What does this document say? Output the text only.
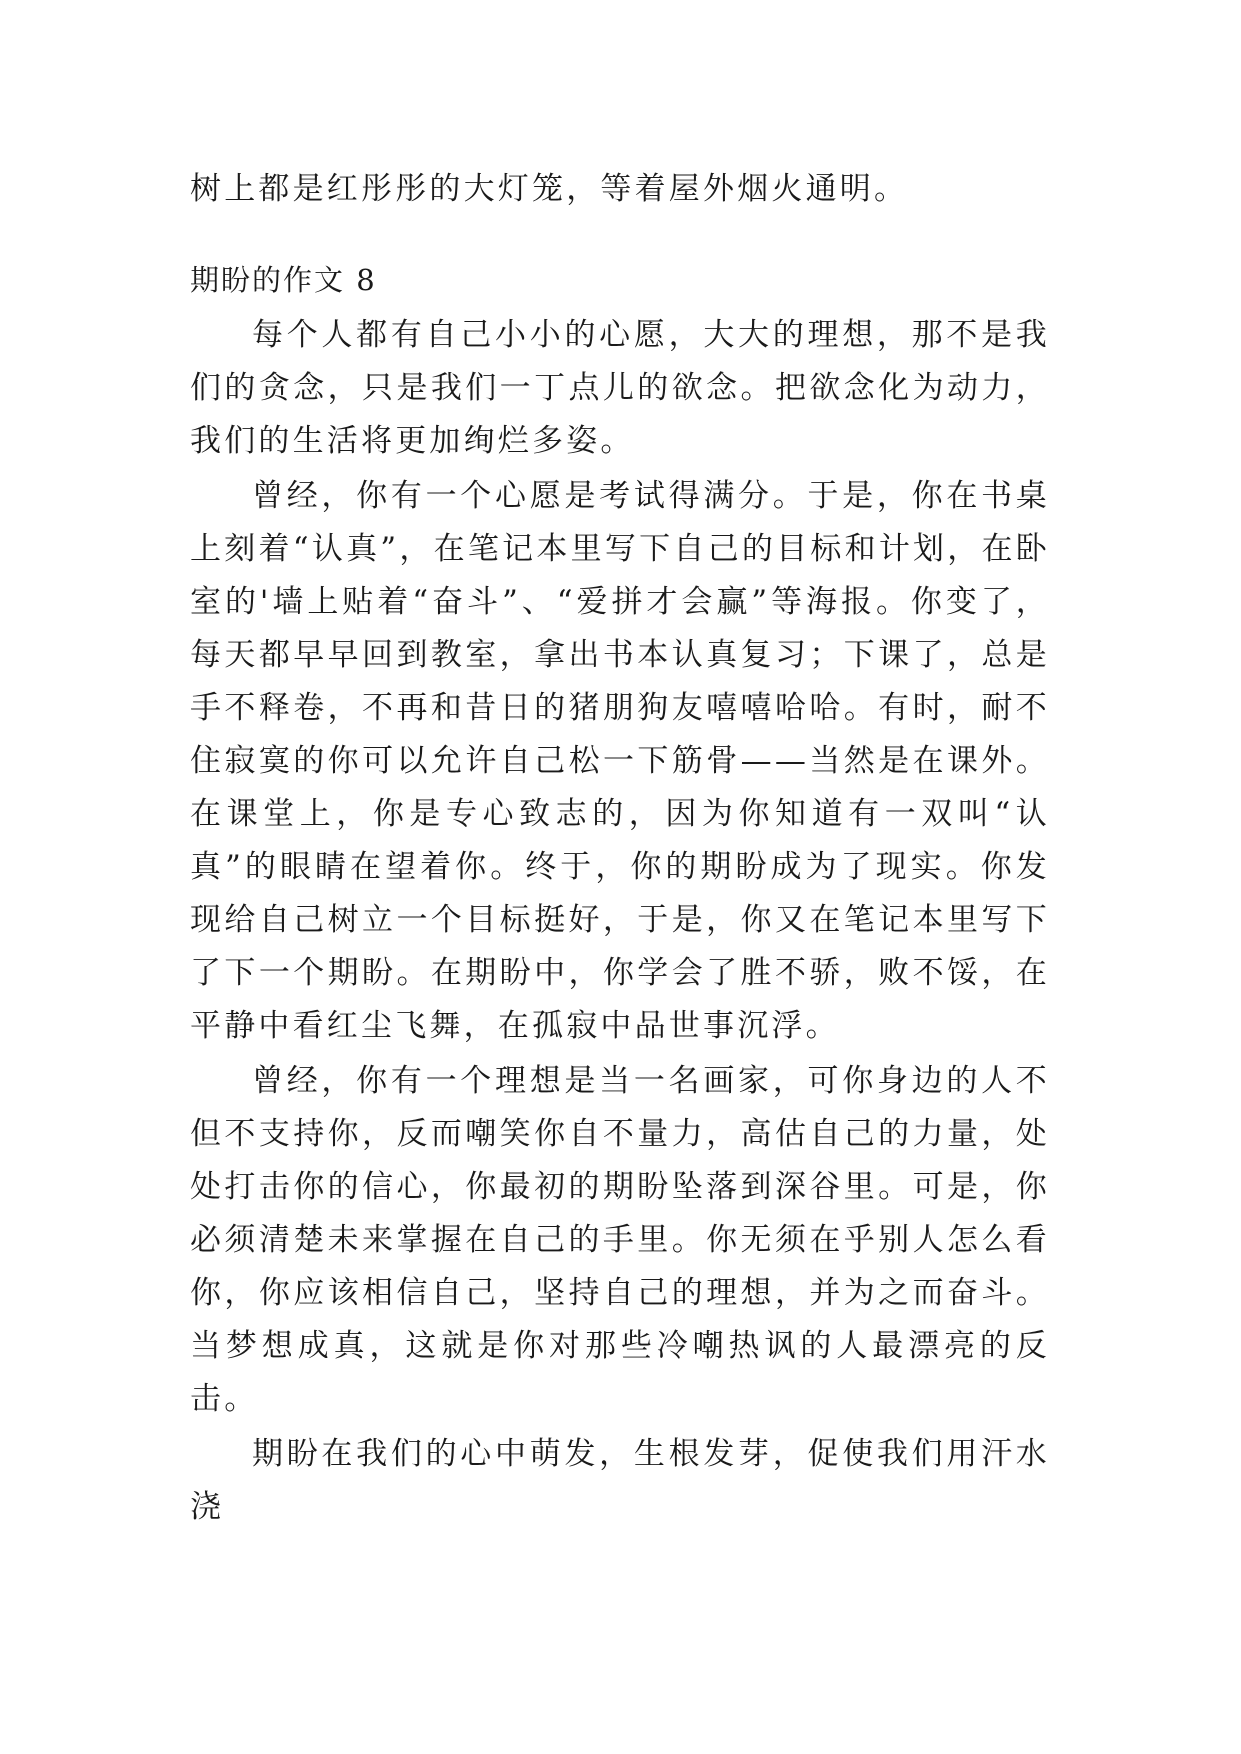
树上都是红彤彤的大灯笼，等着屋外烟火通明。

期盼的作文 8

每个人都有自己小小的心愿，大大的理想，那不是我们的贪念，只是我们一丁点儿的欲念。把欲念化为动力，我们的生活将更加绚烂多姿。

曾经，你有一个心愿是考试得满分。于是，你在书桌上刻着“认真”，在笔记本里写下自己的目标和计划，在卧室的'墙上贴着“奋斗”、“爱拼才会赢”等海报。你变了，每天都早早回到教室，拿出书本认真复习；下课了，总是手不释卷，不再和昔日的猪朋狗友嘻嘻哈哈。有时，耐不住寂寞的你可以允许自己松一下筋骨——当然是在课外。在课堂上，你是专心致志的，因为你知道有一双叫“认真”的眼睛在望着你。终于，你的期盼成为了现实。你发现给自己树立一个目标挺好，于是，你又在笔记本里写下了下一个期盼。在期盼中，你学会了胜不骄，败不馁，在平静中看红尘飞舞，在孤寂中品世事沉浮。

曾经，你有一个理想是当一名画家，可你身边的人不但不支持你，反而嘲笑你自不量力，高估自己的力量，处处打击你的信心，你最初的期盼坠落到深谷里。可是，你必须清楚未来掌握在自己的手里。你无须在乎别人怎么看你，你应该相信自己，坚持自己的理想，并为之而奋斗。当梦想成真，这就是你对那些冷嘲热讽的人最漂亮的反击。

期盼在我们的心中萌发，生根发芽，促使我们用汗水浇
